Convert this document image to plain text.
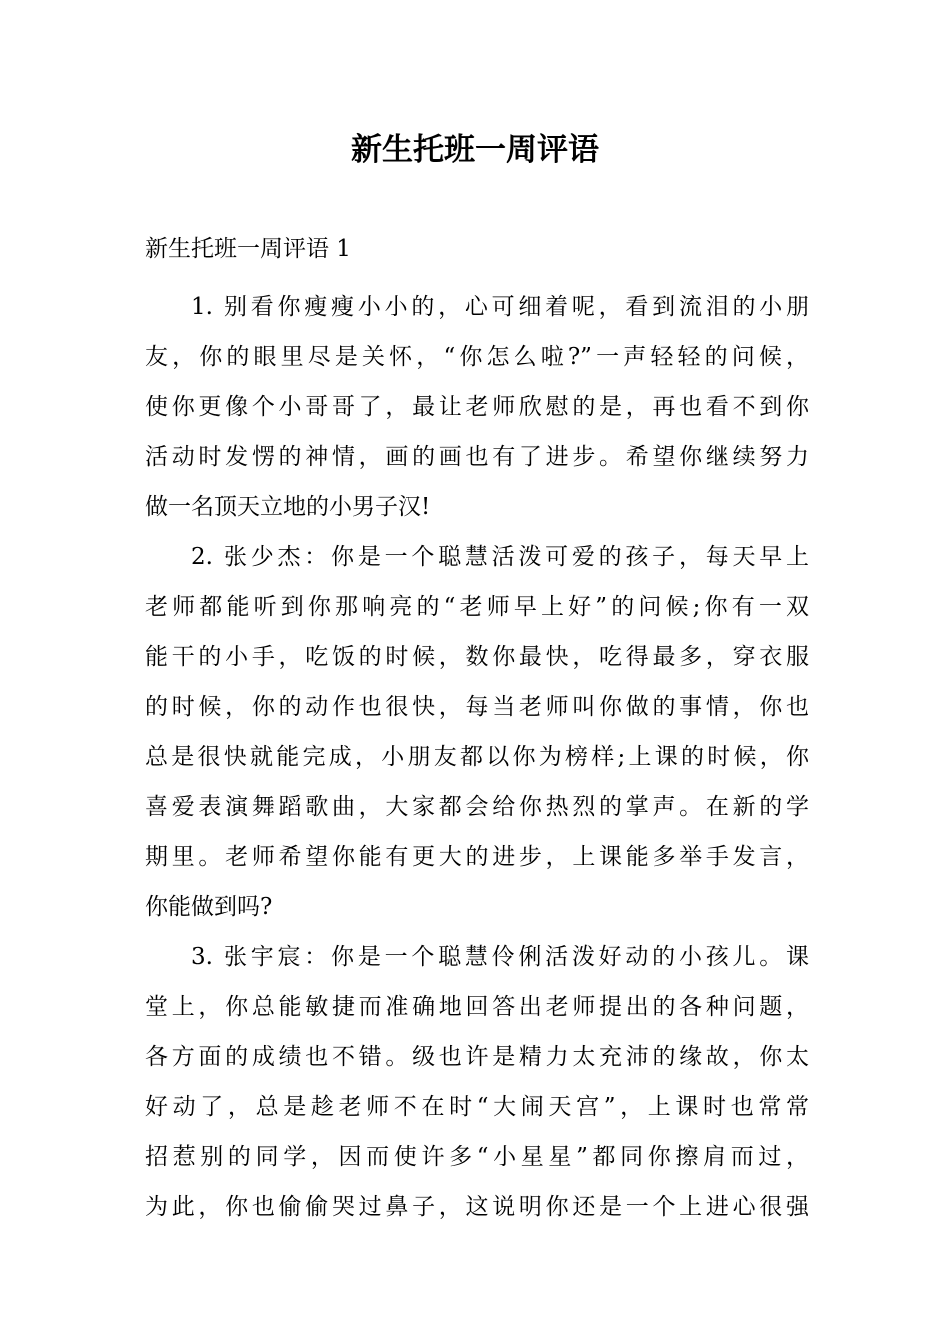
新生托班一周评语

新生托班一周评语 1

1. 别看你瘦瘦小小的，心可细着呢，看到流泪的小朋
友，你的眼里尽是关怀，“你怎么啦?”一声轻轻的问候，
使你更像个小哥哥了，最让老师欣慰的是，再也看不到你
活动时发愣的神情，画的画也有了进步。希望你继续努力
做一名顶天立地的小男子汉!

2. 张少杰：你是一个聪慧活泼可爱的孩子，每天早上
老师都能听到你那响亮的“老师早上好”的问候;你有一双
能干的小手，吃饭的时候，数你最快，吃得最多，穿衣服
的时候，你的动作也很快，每当老师叫你做的事情，你也
总是很快就能完成，小朋友都以你为榜样;上课的时候，你
喜爱表演舞蹈歌曲，大家都会给你热烈的掌声。在新的学
期里。老师希望你能有更大的进步，上课能多举手发言，
你能做到吗?

3. 张宇宸：你是一个聪慧伶俐活泼好动的小孩儿。课
堂上，你总能敏捷而准确地回答出老师提出的各种问题，
各方面的成绩也不错。级也许是精力太充沛的缘故，你太
好动了，总是趁老师不在时“大闹天宫”，上课时也常常
招惹别的同学，因而使许多“小星星”都同你擦肩而过，
为此，你也偷偷哭过鼻子，这说明你还是一个上进心很强
